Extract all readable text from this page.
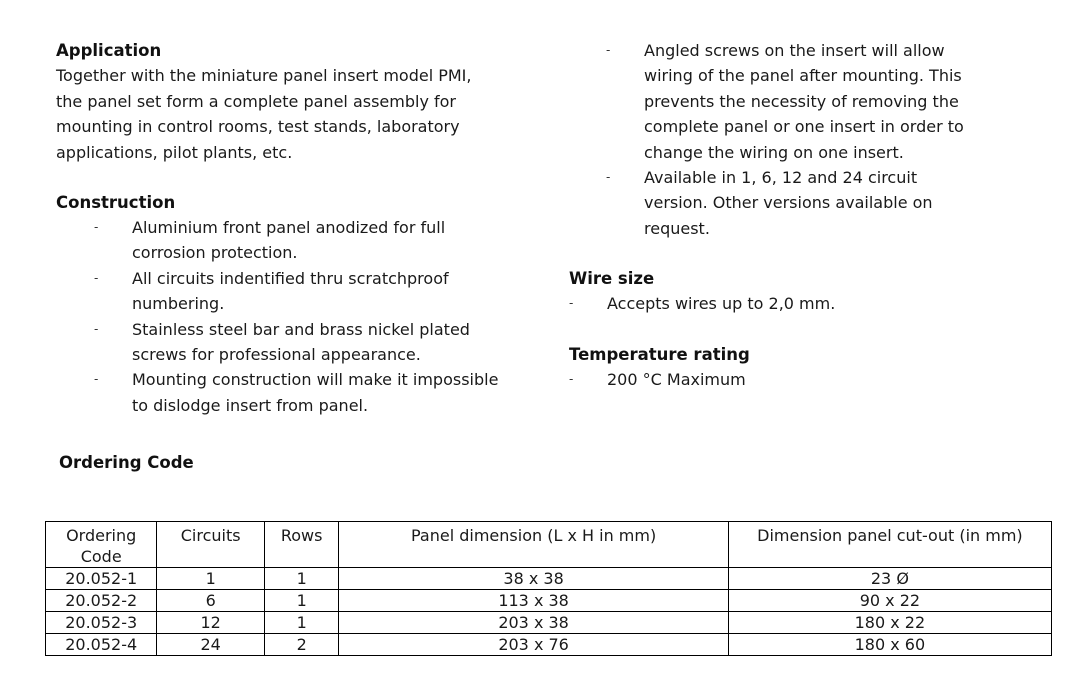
Application

Together with the miniature panel insert model PMI,

the panel set form a complete panel assembly for

mounting in control rooms, test stands, laboratory

applications, pilot plants, etc.

Construction
- Aluminium front panel anodized for full
corrosion protection.
- All circuits indentified thru scratchproof
numbering.
- Stainless steel bar and brass nickel plated
screws for professional appearance.
- Mounting construction will make it impossible
to dislodge insert from panel.
- Angled screws on the insert will allow
wiring of the panel after mounting. This
prevents the necessity of removing the
complete panel or one insert in order to
change the wiring on one insert.
- Available in 1, 6, 12 and 24 circuit
version. Other versions available on
request.
Wire size
- Accepts wires up to 2,0 mm.
Temperature rating
- 200 °C Maximum
Ordering Code
Ordering Code	Circuits	Rows	Panel dimension (L x H in mm)	Dimension panel cut-out (in mm)
20.052-1	1	1	38 x 38	23 Ø
20.052-2	6	1	113 x 38	90 x 22
20.052-3	12	1	203 x 38	180 x 22
20.052-4	24	2	203 x 76	180 x 60
